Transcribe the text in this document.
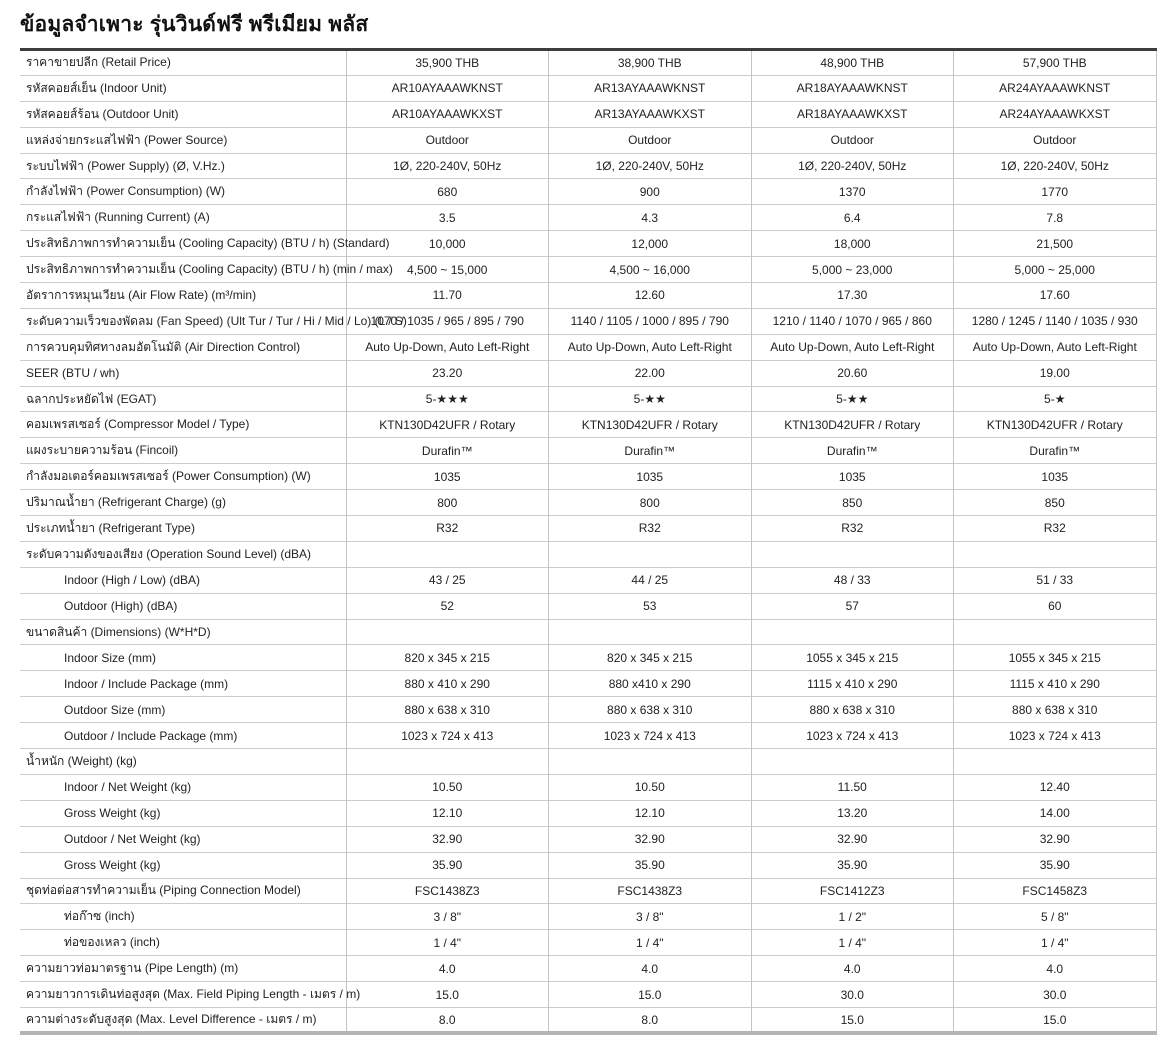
ข้อมูลจำเพาะ รุ่นวินด์ฟรี พรีเมียม พลัส
ราคาขายปลีก (Retail Price)	35,900 THB	38,900 THB	48,900 THB	57,900 THB
รหัสคอยส์เย็น (Indoor Unit)	AR10AYAAAWKNST	AR13AYAAAWKNST	AR18AYAAAWKNST	AR24AYAAAWKNST
รหัสคอยส์ร้อน (Outdoor Unit)	AR10AYAAAWKXST	AR13AYAAAWKXST	AR18AYAAAWKXST	AR24AYAAAWKXST
แหล่งจ่ายกระแสไฟฟ้า (Power Source)	Outdoor	Outdoor	Outdoor	Outdoor
ระบบไฟฟ้า (Power Supply) (Ø, V.Hz.)	1Ø, 220-240V, 50Hz	1Ø, 220-240V, 50Hz	1Ø, 220-240V, 50Hz	1Ø, 220-240V, 50Hz
กำลังไฟฟ้า (Power Consumption) (W)	680	900	1370	1770
กระแสไฟฟ้า (Running Current) (A)	3.5	4.3	6.4	7.8
ประสิทธิภาพการทำความเย็น (Cooling Capacity) (BTU / h) (Standard)	10,000	12,000	18,000	21,500
ประสิทธิภาพการทำความเย็น (Cooling Capacity) (BTU / h) (min / max)	4,500 ~ 15,000	4,500 ~ 16,000	5,000 ~ 23,000	5,000 ~ 25,000
อัตราการหมุนเวียน (Air Flow Rate) (m³/min)	11.70	12.60	17.30	17.60
ระดับความเร็วของพัดลม (Fan Speed) (Ult Tur / Tur / Hi / Mid / Lo) (L / S)	1070 / 1035 / 965 / 895 / 790	1140 / 1105 / 1000 / 895 / 790	1210 / 1140 / 1070 / 965 / 860	1280 / 1245 / 1140 / 1035 / 930
การควบคุมทิศทางลมอัตโนมัติ (Air Direction Control)	Auto Up-Down, Auto Left-Right	Auto Up-Down, Auto Left-Right	Auto Up-Down, Auto Left-Right	Auto Up-Down, Auto Left-Right
SEER (BTU / wh)	23.20	22.00	20.60	19.00
ฉลากประหยัดไฟ (EGAT)	5-★★★	5-★★	5-★★	5-★
คอมเพรสเซอร์ (Compressor Model / Type)	KTN130D42UFR / Rotary	KTN130D42UFR / Rotary	KTN130D42UFR / Rotary	KTN130D42UFR / Rotary
แผงระบายความร้อน (Fincoil)	Durafin™	Durafin™	Durafin™	Durafin™
กำลังมอเตอร์คอมเพรสเซอร์ (Power Consumption) (W)	1035	1035	1035	1035
ปริมาณน้ำยา (Refrigerant Charge) (g)	800	800	850	850
ประเภทน้ำยา (Refrigerant Type)	R32	R32	R32	R32
ระดับความดังของเสียง (Operation Sound Level) (dBA)				
Indoor (High / Low) (dBA)	43 / 25	44 / 25	48 / 33	51 / 33
Outdoor (High) (dBA)	52	53	57	60
ขนาดสินค้า (Dimensions) (W*H*D)				
Indoor Size (mm)	820 x 345 x 215	820 x 345 x 215	1055 x 345 x 215	1055 x 345 x 215
Indoor / Include Package (mm)	880 x 410 x 290	880 x410 x 290	1115 x 410 x 290	1115 x 410 x 290
Outdoor Size (mm)	880 x 638 x 310	880 x 638 x 310	880 x 638 x 310	880 x 638 x 310
Outdoor / Include Package (mm)	1023 x 724 x 413	1023 x 724 x 413	1023 x 724 x 413	1023 x 724 x 413
น้ำหนัก (Weight) (kg)				
Indoor / Net Weight (kg)	10.50	10.50	11.50	12.40
Gross Weight (kg)	12.10	12.10	13.20	14.00
Outdoor / Net Weight (kg)	32.90	32.90	32.90	32.90
Gross Weight (kg)	35.90	35.90	35.90	35.90
ชุดท่อต่อสารทำความเย็น (Piping Connection Model)	FSC1438Z3	FSC1438Z3	FSC1412Z3	FSC1458Z3
ท่อก๊าซ (inch)	3 / 8"	3 / 8"	1 / 2"	5 / 8"
ท่อของเหลว (inch)	1 / 4"	1 / 4"	1 / 4"	1 / 4"
ความยาวท่อมาตรฐาน (Pipe Length) (m)	4.0	4.0	4.0	4.0
ความยาวการเดินท่อสูงสุด (Max. Field Piping Length - เมตร / m)	15.0	15.0	30.0	30.0
ความต่างระดับสูงสุด (Max. Level Difference - เมตร / m)	8.0	8.0	15.0	15.0
